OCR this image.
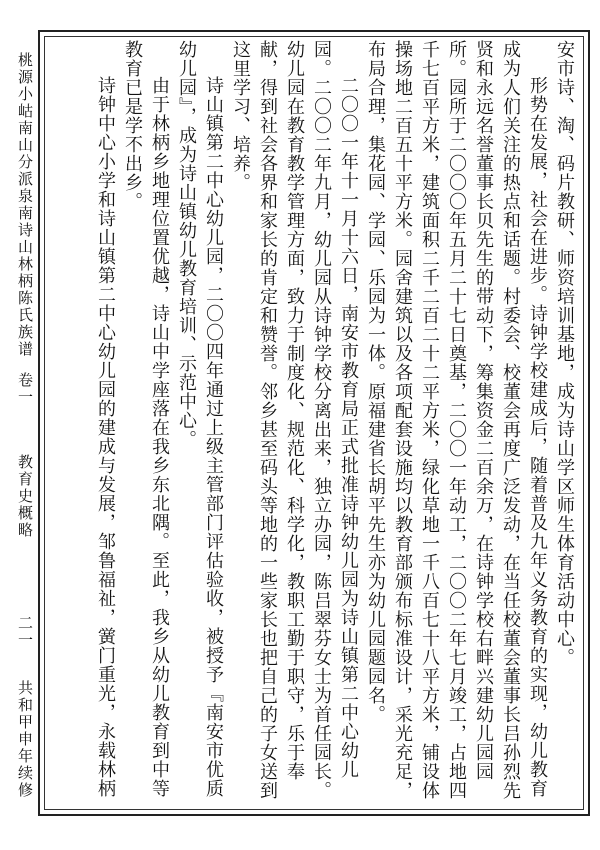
桃源小岵南山分派泉南诗山林柄陈氏族谱
卷一
教育史概略
二一
共和甲申年续修

安市诗、淘、码片教研、师资培训基地，成为诗山学区师生体育活动中心。

形势在发展，社会在进步。诗钟学校建成后，随着普及九年义务教育的实现，幼儿教育成为人们关注的热点和话题。村委会、校董会再度广泛发动，在当任校董会董事长吕孙烈先贤和永远名誉董事长贝先生的带动下，筹集资金二百余万，在诗钟学校右畔兴建幼儿园园所。园所于二〇〇〇年五月二十七日奠基，二〇〇一年动工，二〇〇二年七月竣工，占地四千七百平方米，建筑面积二千二百二十二平方米，绿化草地一千八百七十八平方米，铺设体操场地二百五十平方米。园舍建筑以及各项配套设施均以教育部颁布标准设计，采光充足，布局合理，集花园、学园、乐园为一体。原福建省长胡平先生亦为幼儿园题园名。

二〇〇一年十一月十六日，南安市教育局正式批准诗钟幼儿园为诗山镇第二中心幼儿园。二〇〇二年九月，幼儿园从诗钟学校分离出来，独立办园，陈吕翠芬女士为首任园长。幼儿园在教育教学管理方面，致力于制度化、规范化、科学化，教职工勤于职守，乐于奉献，得到社会各界和家长的肯定和赞誉。邻乡甚至码头等地的一些家长也把自己的子女送到这里学习、培养。

诗山镇第二中心幼儿园，二〇〇四年通过上级主管部门评估验收，被授予『南安市优质幼儿园』，成为诗山镇幼儿教育培训、示范中心。

由于林柄乡地理位置优越，诗山中学座落在我乡东北隅。至此，我乡从幼儿教育到中等教育已是学不出乡。

诗钟中心小学和诗山镇第二中心幼儿园的建成与发展，邹鲁福祉，黉门重光，永载林柄
